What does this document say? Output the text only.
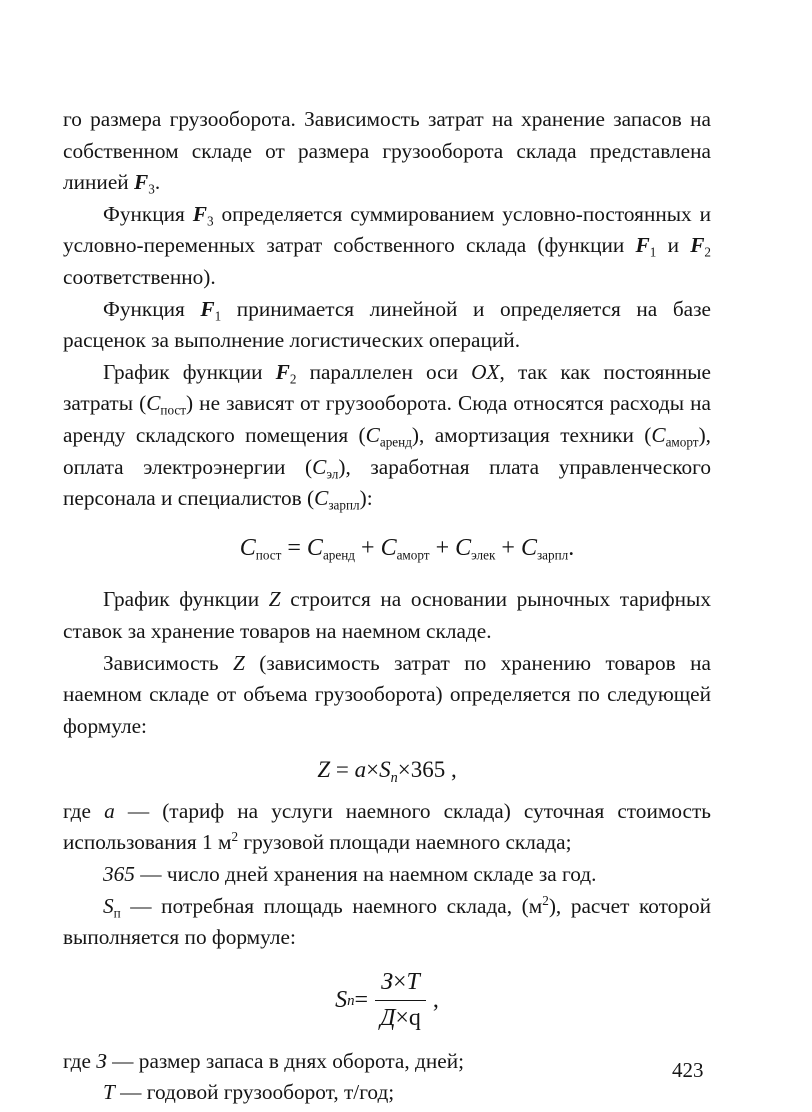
го размера грузооборота. Зависимость затрат на хранение запасов на собственном складе от размера грузооборота склада представлена линией $F_3$.

Функция $F_3$ определяется суммированием условно-постоянных и условно-переменных затрат собственного склада (функции $F_1$ и $F_2$ соответственно).

Функция $F_1$ принимается линейной и определяется на базе расценок за выполнение логистических операций.

График функции $F_2$ параллелен оси OX, так как постоянные затраты $(C_{пост})$ не зависят от грузооборота. Сюда относятся расходы на аренду складского помещения $(C_{аренд})$, амортизация техники $(C_{аморт})$, оплата электроэнергии $(C_{эл})$, заработная плата управленческого персонала и специалистов $(C_{зарпл})$:

$C_{пост} = C_{аренд} + C_{аморт} + C_{элек} + C_{зарпл}$.

График функции Z строится на основании рыночных тарифных ставок за хранение товаров на наемном складе.

Зависимость Z (зависимость затрат по хранению товаров на наемном складе от объема грузооборота) определяется по следующей формуле:

$Z = a\times S_n\times 365$ ,

где a — (тариф на услуги наемного склада) суточная стоимость использования 1 $м^2$ грузовой площади наемного склада;

365 — число дней хранения на наемном складе за год.

$S_п$ — потребная площадь наемного склада, $(м^2)$, расчет которой выполняется по формуле:

S $n = \frac{З\times T}{Д\times q}$ ,

где З — размер запаса в днях оборота, дней;

T — годовой грузооборот, т/год;

423
